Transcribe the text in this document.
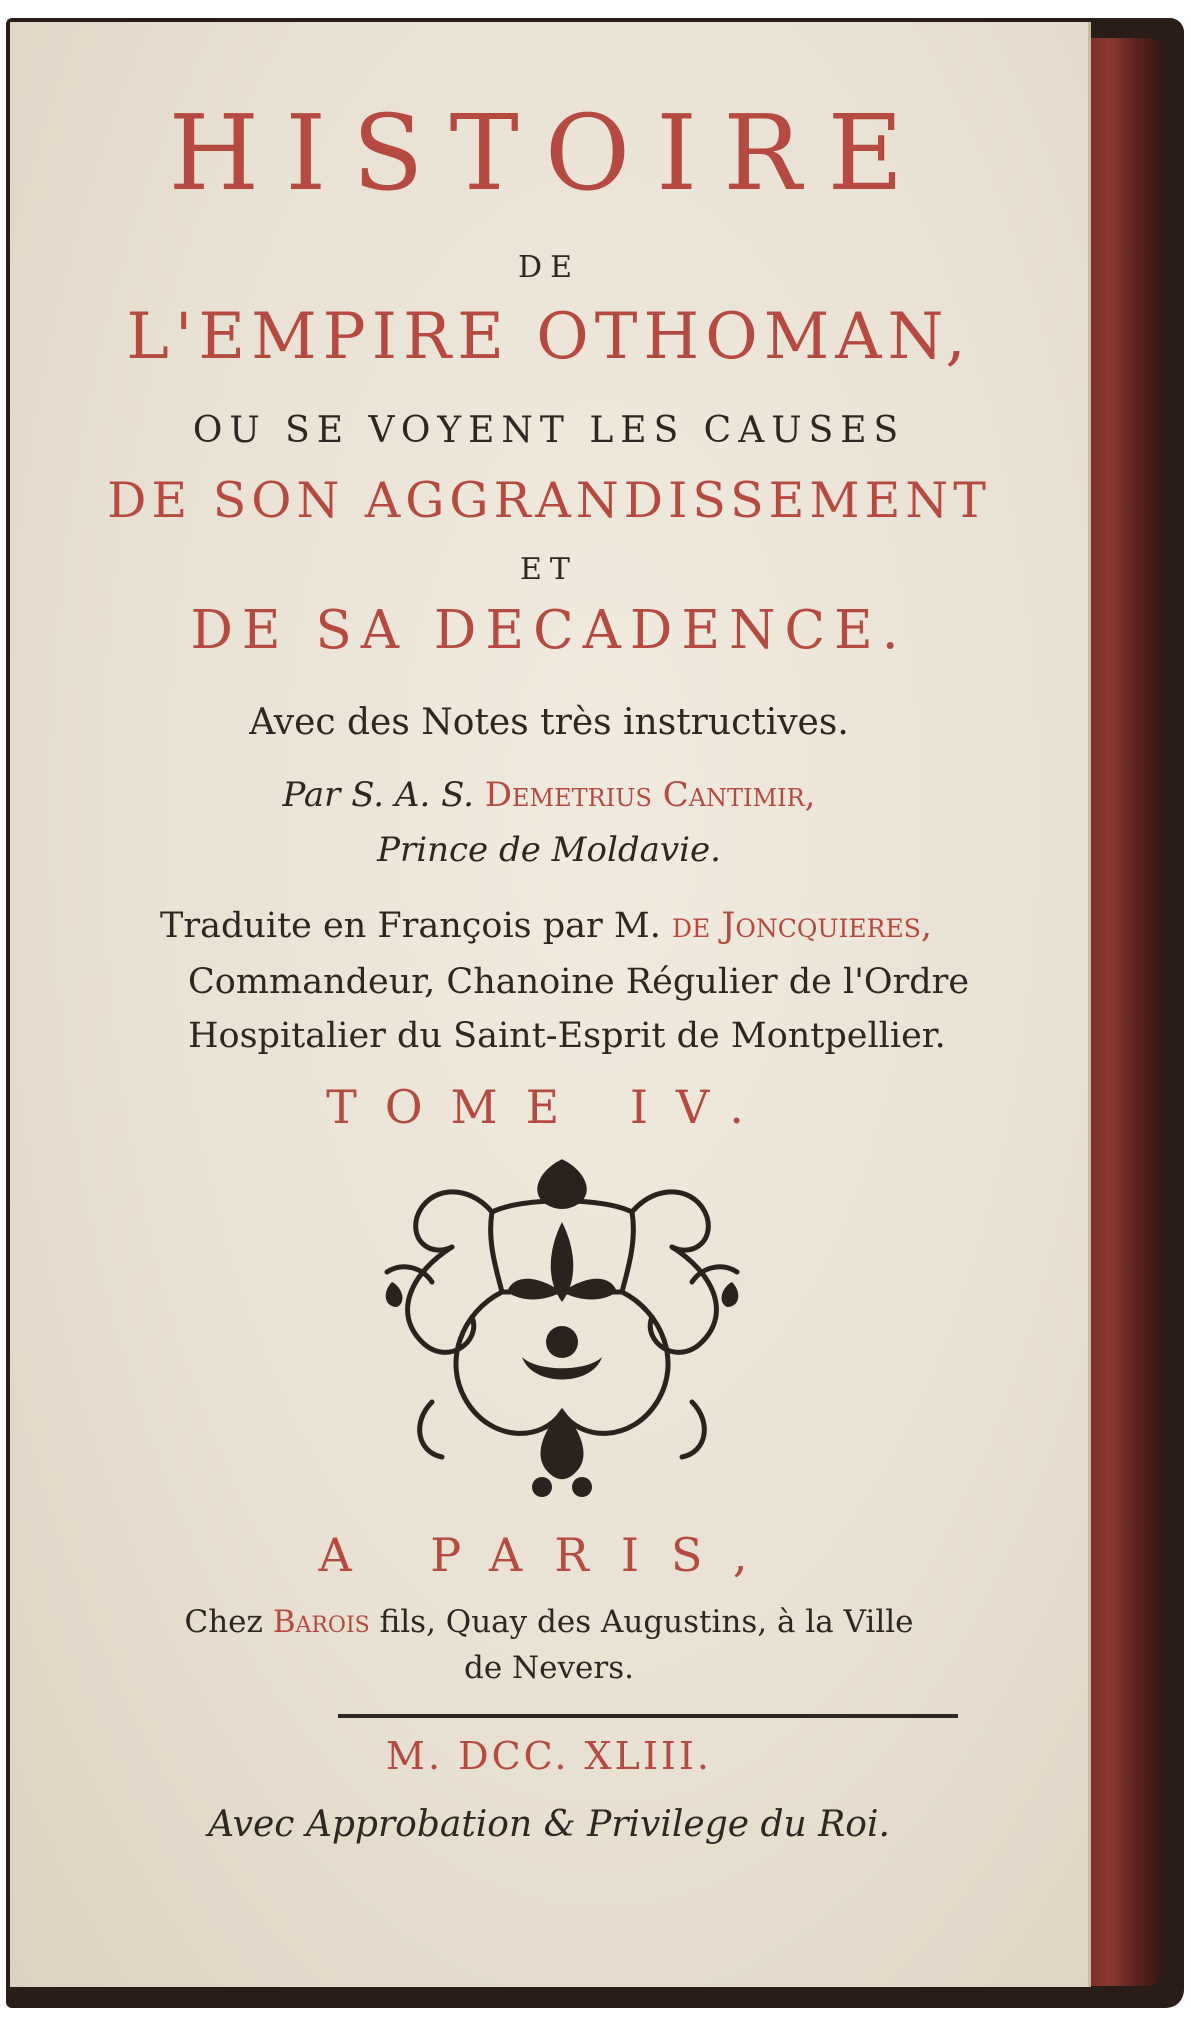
HISTOIRE
DE
L'EMPIRE OTHOMAN,
OU SE VOYENT LES CAUSES
DE SON AGGRANDISSEMENT
ET
DE SA DECADENCE.
Avec des Notes très instructives.
Par S. A. S. Demetrius Cantimir,
Prince de Moldavie.
Traduite en François par M. de Joncquieres,
Commandeur, Chanoine Régulier de l'Ordre
Hospitalier du Saint-Esprit de Montpellier.
TOME IV.
A PARIS,
Chez Barois fils, Quay des Augustins, à la Ville
de Nevers.
M. DCC. XLIII.
Avec Approbation & Privilege du Roi.
